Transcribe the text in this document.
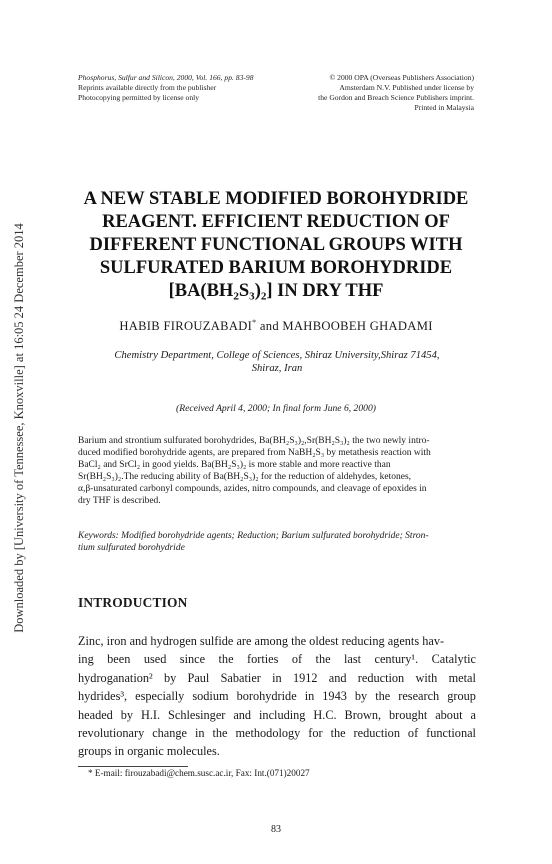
Downloaded by [University of Tennessee, Knoxville] at 16:05 24 December 2014
Phosphorus, Sulfur and Silicon, 2000, Vol. 166, pp. 83-98
Reprints available directly from the publisher
Photocopying permitted by license only
© 2000 OPA (Overseas Publishers Association)
Amsterdam N.V. Published under license by
the Gordon and Breach Science Publishers imprint.
Printed in Malaysia
A NEW STABLE MODIFIED BOROHYDRIDE
REAGENT. EFFICIENT REDUCTION OF
DIFFERENT FUNCTIONAL GROUPS WITH
SULFURATED BARIUM BOROHYDRIDE
[BA(BH₂S₃)₂] IN DRY THF
HABIB FIROUZABADI* and MAHBOOBEH GHADAMI
Chemistry Department, College of Sciences, Shiraz University,Shiraz 71454,
Shiraz, Iran
(Received April 4, 2000; In final form June 6, 2000)
Barium and strontium sulfurated borohydrides, Ba(BH₂S₃)₂,Sr(BH₂S₃)₂ the two newly intro-
duced modified borohydride agents, are prepared from NaBH₂S₃ by metathesis reaction with
BaCl₂ and SrCl₂ in good yields. Ba(BH₂S₃)₂ is more stable and more reactive than
Sr(BH₂S₃)₂.The reducing ability of Ba(BH₂S₃)₂ for the reduction of aldehydes, ketones,
α,β-unsaturated carbonyl compounds, azides, nitro compounds, and cleavage of epoxides in
dry THF is described.
Keywords: Modified borohydride agents; Reduction; Barium sulfurated borohydride; Stron-
tium sulfurated borohydride
INTRODUCTION
Zinc, iron and hydrogen sulfide are among the oldest reducing agents hav-
ing been used since the forties of the last century¹. Catalytic
hydroganation² by Paul Sabatier in 1912 and reduction with metal
hydrides³, especially sodium borohydride in 1943 by the research group
headed by H.I. Schlesinger and including H.C. Brown, brought about a
revolutionary change in the methodology for the reduction of functional
groups in organic molecules.
* E-mail: firouzabadi@chem.susc.ac.ir, Fax: Int.(071)20027
83
